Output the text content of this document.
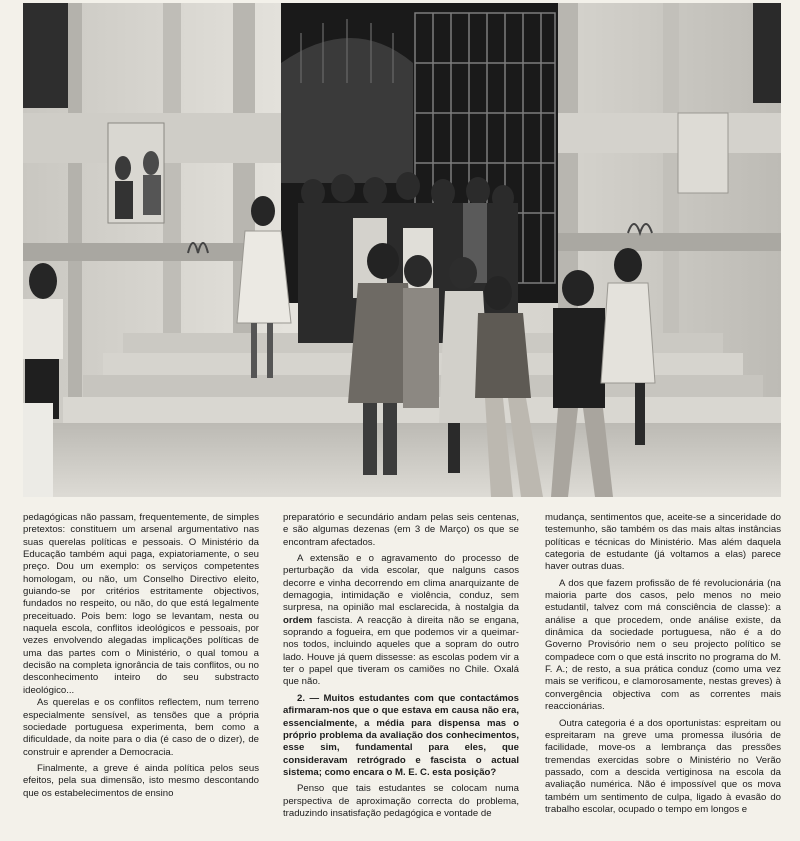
pedagógicas não passam, frequentemente, de simples pretextos: constituem um arsenal argumentativo nas suas querelas políticas e pessoais. O Ministério da Educação também aqui paga, expiatoriamente, o seu preço. Dou um exemplo: os serviços competentes homologam, ou não, um Conselho Directivo eleito, guiando-se por critérios estritamente objectivos, fundados no respeito, ou não, do que está legalmente preceituado. Pois bem: logo se levantam, nesta ou naquela escola, conflitos ideológicos e pessoais, por vezes envolvendo alegadas implicações políticas de uma das partes com o Ministério, o qual tomou a decisão na completa ignorância de tais conflitos, ou no desconhecimento inteiro do seu substracto ideológico...

As querelas e os conflitos reflectem, num terreno especialmente sensível, as tensões que a própria sociedade portuguesa experimenta, bem como a dificuldade, da noite para o dia (é caso de o dizer), de construir e aprender a Democracia.

Finalmente, a greve é ainda política pelos seus efeitos, pela sua dimensão, isto mesmo descontando que os estabelecimentos de ensino

preparatório e secundário andam pelas seis centenas, e são algumas dezenas (em 3 de Março) os que se encontram afectados.

A extensão e o agravamento do processo de perturbação da vida escolar, que nalguns casos decorre e vinha decorrendo em clima anarquizante de demagogia, intimidação e violência, conduz, sem surpresa, na opinião mal esclarecida, à nostalgia da ordem fascista. A reacção à direita não se engana, soprando a fogueira, em que podemos vir a queimar-nos todos, incluindo aqueles que a sopram do outro lado. Houve já quem dissesse: as escolas podem vir a ter o papel que tiveram os camiões no Chile. Oxalá que não.

2. — Muitos estudantes com que contactámos afirmaram-nos que o que estava em causa não era, essencialmente, a média para dispensa mas o próprio problema da avaliação dos conhecimentos, esse sim, fundamental para eles, que consideravam retrógrado e fascista o actual sistema; como encara o M. E. C. esta posição?

Penso que tais estudantes se colocam numa perspectiva de aproximação correcta do problema, traduzindo insatisfação pedagógica e vontade de

mudança, sentimentos que, aceite-se a sinceridade do testemunho, são também os das mais altas instâncias políticas e técnicas do Ministério. Mas além daquela categoria de estudante (já voltamos a elas) parece haver outras duas.

A dos que fazem profissão de fé revolucionária (na maioria parte dos casos, pelo menos no meio estudantil, talvez com má consciência de classe): a análise a que procedem, onde análise existe, da dinâmica da sociedade portuguesa, não é a do Governo Provisório nem o seu projecto político se compadece com o que está inscrito no programa do M. F. A.; de resto, a sua prática conduz (como uma vez mais se verificou, e clamorosamente, nestas greves) à convergência objectiva com as correntes mais reaccionárias.

Outra categoria é a dos oportunistas: espreitam ou espreitaram na greve uma promessa ilusória de facilidade, move-os a lembrança das pressões tremendas exercidas sobre o Ministério no Verão passado, com a descida vertiginosa na escola da avaliação numérica. Não é impossível que os mova também um sentimento de culpa, ligado à evasão do trabalho escolar, ocupado o tempo em longos e
